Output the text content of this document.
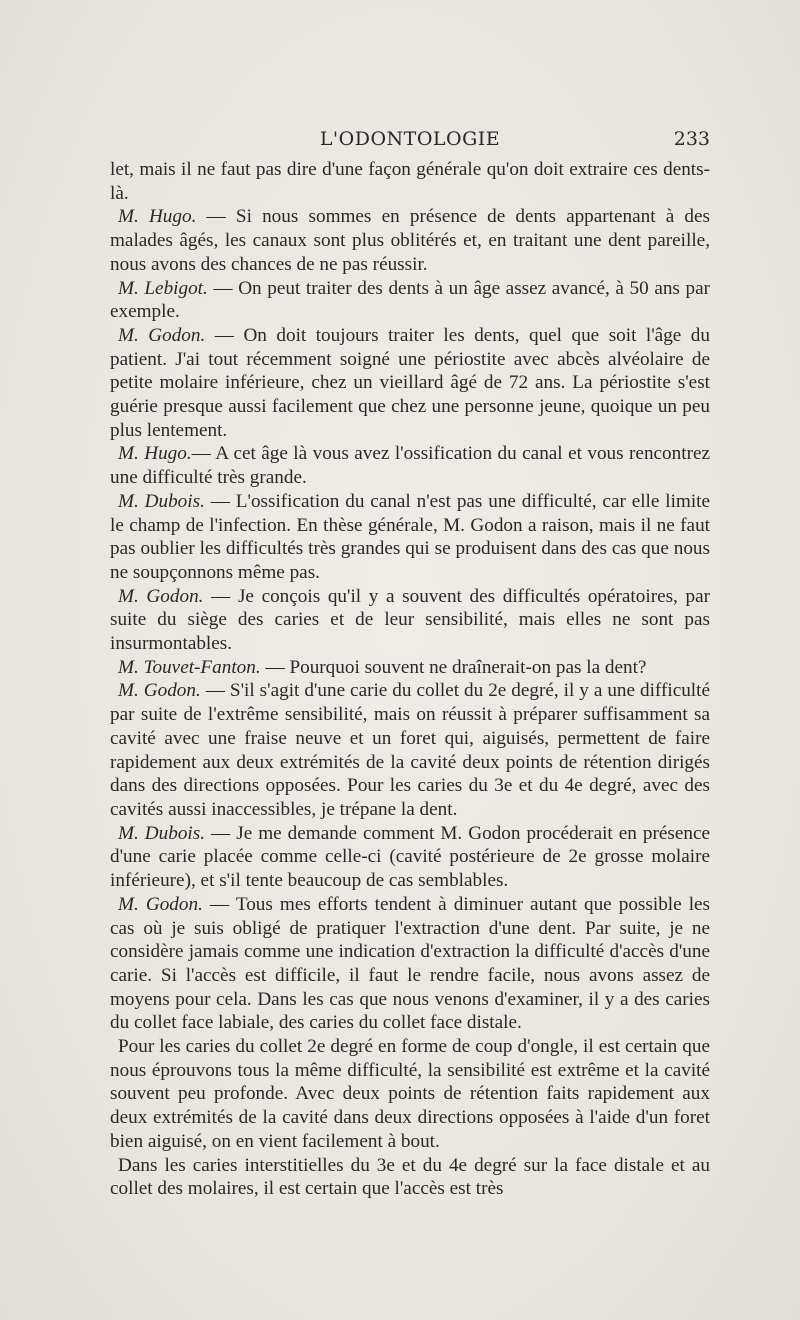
L'ODONTOLOGIE	233

let, mais il ne faut pas dire d'une façon générale qu'on doit extraire ces dents-là.

M. Hugo. — Si nous sommes en présence de dents appartenant à des malades âgés, les canaux sont plus oblitérés et, en traitant une dent pareille, nous avons des chances de ne pas réussir.

M. Lebigot. — On peut traiter des dents à un âge assez avancé, à 50 ans par exemple.

M. Godon. — On doit toujours traiter les dents, quel que soit l'âge du patient. J'ai tout récemment soigné une périostite avec abcès alvéolaire de petite molaire inférieure, chez un vieillard âgé de 72 ans. La périostite s'est guérie presque aussi facilement que chez une personne jeune, quoique un peu plus lentement.

M. Hugo.— A cet âge là vous avez l'ossification du canal et vous rencontrez une difficulté très grande.

M. Dubois. — L'ossification du canal n'est pas une difficulté, car elle limite le champ de l'infection. En thèse générale, M. Godon a raison, mais il ne faut pas oublier les difficultés très grandes qui se produisent dans des cas que nous ne soupçonnons même pas.

M. Godon. — Je conçois qu'il y a souvent des difficultés opératoires, par suite du siège des caries et de leur sensibilité, mais elles ne sont pas insurmontables.

M. Touvet-Fanton. — Pourquoi souvent ne draînerait-on pas la dent?

M. Godon. — S'il s'agit d'une carie du collet du 2e degré, il y a une difficulté par suite de l'extrême sensibilité, mais on réussit à préparer suffisamment sa cavité avec une fraise neuve et un foret qui, aiguisés, permettent de faire rapidement aux deux extrémités de la cavité deux points de rétention dirigés dans des directions opposées. Pour les caries du 3e et du 4e degré, avec des cavités aussi inaccessibles, je trépane la dent.

M. Dubois. — Je me demande comment M. Godon procéderait en présence d'une carie placée comme celle-ci (cavité postérieure de 2e grosse molaire inférieure), et s'il tente beaucoup de cas semblables.

M. Godon. — Tous mes efforts tendent à diminuer autant que possible les cas où je suis obligé de pratiquer l'extraction d'une dent. Par suite, je ne considère jamais comme une indication d'extraction la difficulté d'accès d'une carie. Si l'accès est difficile, il faut le rendre facile, nous avons assez de moyens pour cela. Dans les cas que nous venons d'examiner, il y a des caries du collet face labiale, des caries du collet face distale.

Pour les caries du collet 2e degré en forme de coup d'ongle, il est certain que nous éprouvons tous la même difficulté, la sensibilité est extrême et la cavité souvent peu profonde. Avec deux points de rétention faits rapidement aux deux extrémités de la cavité dans deux directions opposées à l'aide d'un foret bien aiguisé, on en vient facilement à bout.

Dans les caries interstitielles du 3e et du 4e degré sur la face distale et au collet des molaires, il est certain que l'accès est très
